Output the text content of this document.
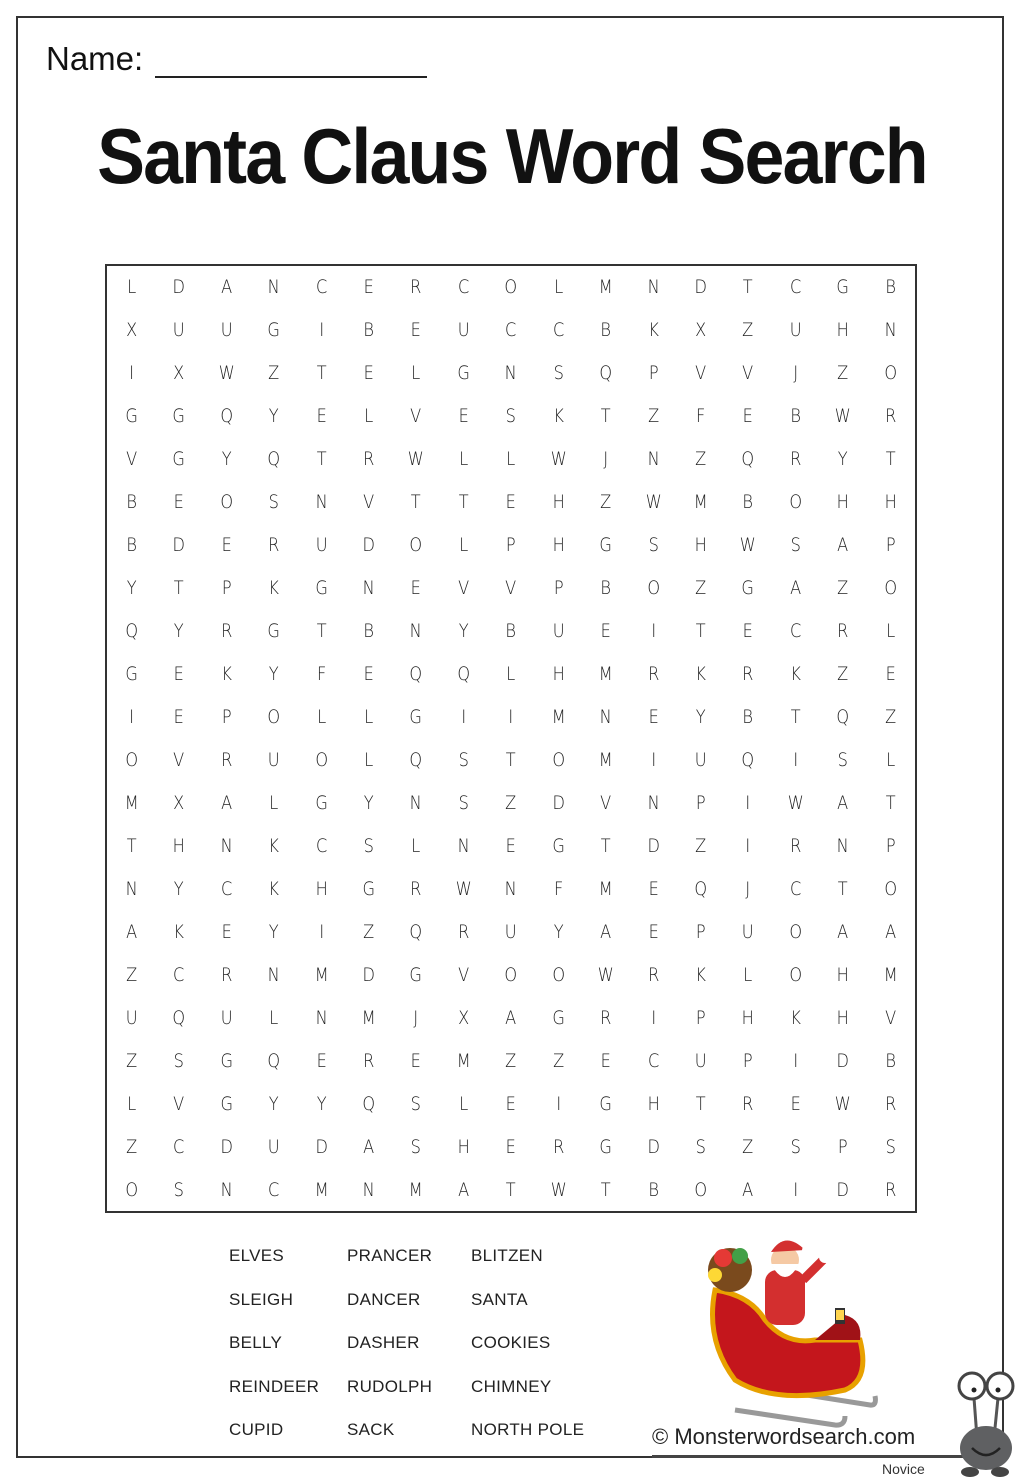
Name:
Santa Claus Word Search
L	D	A	N	C	E	R	C	O	L	M	N	D	T	C	G	B
X	U	U	G	I	B	E	U	C	C	B	K	X	Z	U	H	N
I	X	W	Z	T	E	L	G	N	S	Q	P	V	V	J	Z	O
G	G	Q	Y	E	L	V	E	S	K	T	Z	F	E	B	W	R
V	G	Y	Q	T	R	W	L	L	W	J	N	Z	Q	R	Y	T
B	E	O	S	N	V	T	T	E	H	Z	W	M	B	O	H	H
B	D	E	R	U	D	O	L	P	H	G	S	H	W	S	A	P
Y	T	P	K	G	N	E	V	V	P	B	O	Z	G	A	Z	O
Q	Y	R	G	T	B	N	Y	B	U	E	I	T	E	C	R	L
G	E	K	Y	F	E	Q	Q	L	H	M	R	K	R	K	Z	E
I	E	P	O	L	L	G	I	I	M	N	E	Y	B	T	Q	Z
O	V	R	U	O	L	Q	S	T	O	M	I	U	Q	I	S	L
M	X	A	L	G	Y	N	S	Z	D	V	N	P	I	W	A	T
T	H	N	K	C	S	L	N	E	G	T	D	Z	I	R	N	P
N	Y	C	K	H	G	R	W	N	F	M	E	Q	J	C	T	O
A	K	E	Y	I	Z	Q	R	U	Y	A	E	P	U	O	A	A
Z	C	R	N	M	D	G	V	O	O	W	R	K	L	O	H	M
U	Q	U	L	N	M	J	X	A	G	R	I	P	H	K	H	V
Z	S	G	Q	E	R	E	M	Z	Z	E	C	U	P	I	D	B
L	V	G	Y	Y	Q	S	L	E	I	G	H	T	R	E	W	R
Z	C	D	U	D	A	S	H	E	R	G	D	S	Z	S	P	S
O	S	N	C	M	N	M	A	T	W	T	B	O	A	I	D	R
ELVES	PRANCER	BLITZEN
SLEIGH	DANCER	SANTA
BELLY	DASHER	COOKIES
REINDEER	RUDOLPH	CHIMNEY
CUPID	SACK	NORTH POLE	© Monsterwordsearch.com
Novice
